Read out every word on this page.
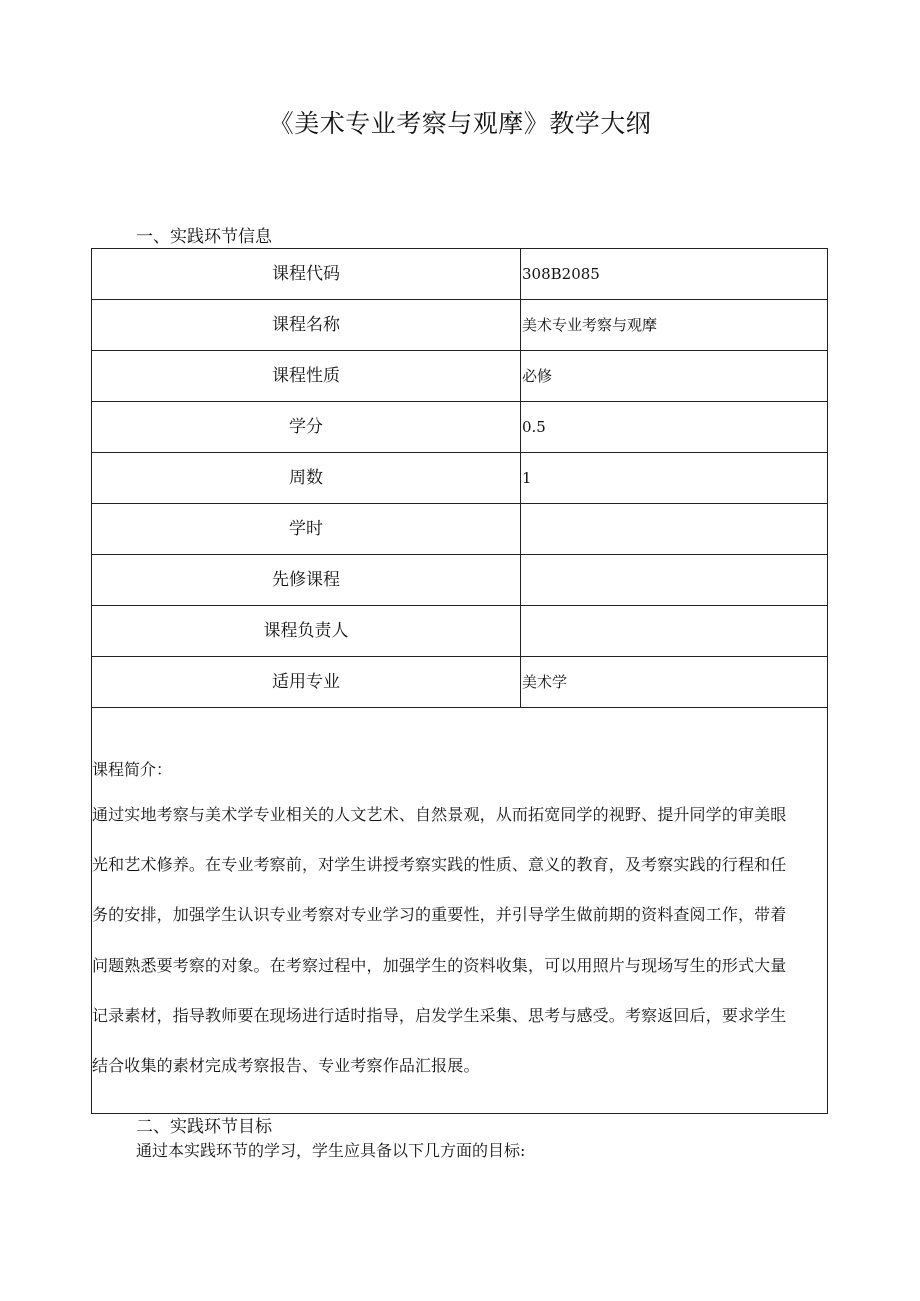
《美术专业考察与观摩》教学大纲
一、实践环节信息
课程代码	308B2085
课程名称	美术专业考察与观摩
课程性质	必修
学分	0.5
周数	1
学时
先修课程
课程负责人
适用专业	美术学
课程简介：
通过实地考察与美术学专业相关的人文艺术、自然景观，从而拓宽同学的视野、提升同学的审美眼
光和艺术修养。在专业考察前，对学生讲授考察实践的性质、意义的教育，及考察实践的行程和任
务的安排，加强学生认识专业考察对专业学习的重要性，并引导学生做前期的资料查阅工作，带着
问题熟悉要考察的对象。在考察过程中，加强学生的资料收集，可以用照片与现场写生的形式大量
记录素材，指导教师要在现场进行适时指导，启发学生采集、思考与感受。考察返回后，要求学生
结合收集的素材完成考察报告、专业考察作品汇报展。
二、实践环节目标
通过本实践环节的学习，学生应具备以下几方面的目标:
